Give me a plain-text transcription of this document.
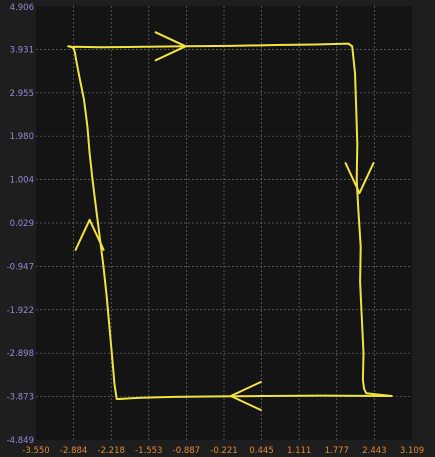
-3.550 -2.884 -2.218 -1.553 -0.887 -0.221 0.445 1.111 1.777 2.443 3.109
4.906
3.931
2.955
1.980
1.004
0.029
-0.947
-1.922
-2.898
-3.873
-4.849
